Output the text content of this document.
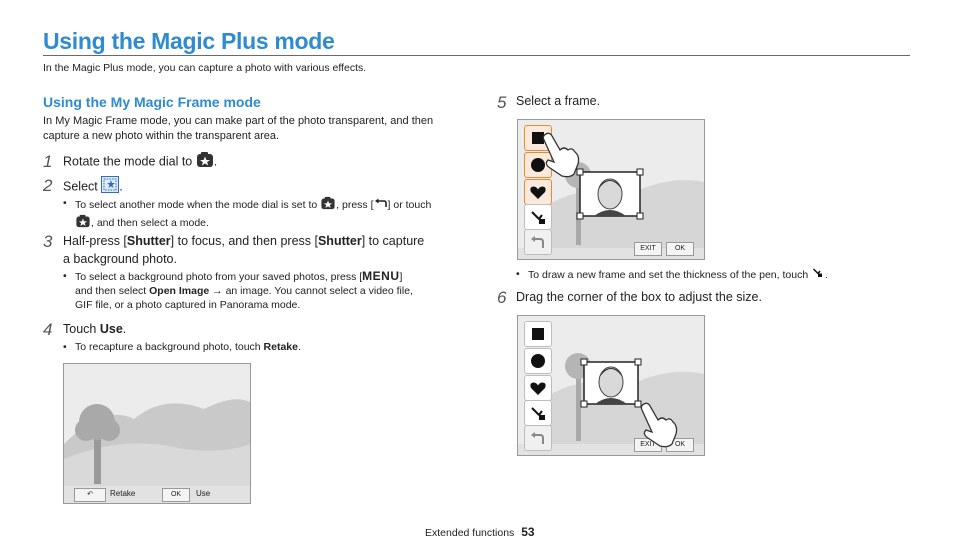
Using the Magic Plus mode
In the Magic Plus mode, you can capture a photo with various effects.
Using the My Magic Frame mode
In My Magic Frame mode, you can make part of the photo transparent, and then
capture a new photo within the transparent area.
1 Rotate the mode dial to .
2 Select .
• To select another mode when the mode dial is set to , press [ ] or touch
, and then select a mode.
3 Half-press [Shutter] to focus, and then press [Shutter] to capture
a background photo.
• To select a background photo from your saved photos, press [MENU]
and then select Open Image → an image. You cannot select a video file,
GIF file, or a photo captured in Panorama mode.
4 Touch Use.
• To recapture a background photo, touch Retake.
↶	Retake	OK	Use
5 Select a frame.
EXIT	OK
• To draw a new frame and set the thickness of the pen, touch .
6 Drag the corner of the box to adjust the size.
EXIT	OK
Extended functions 53
